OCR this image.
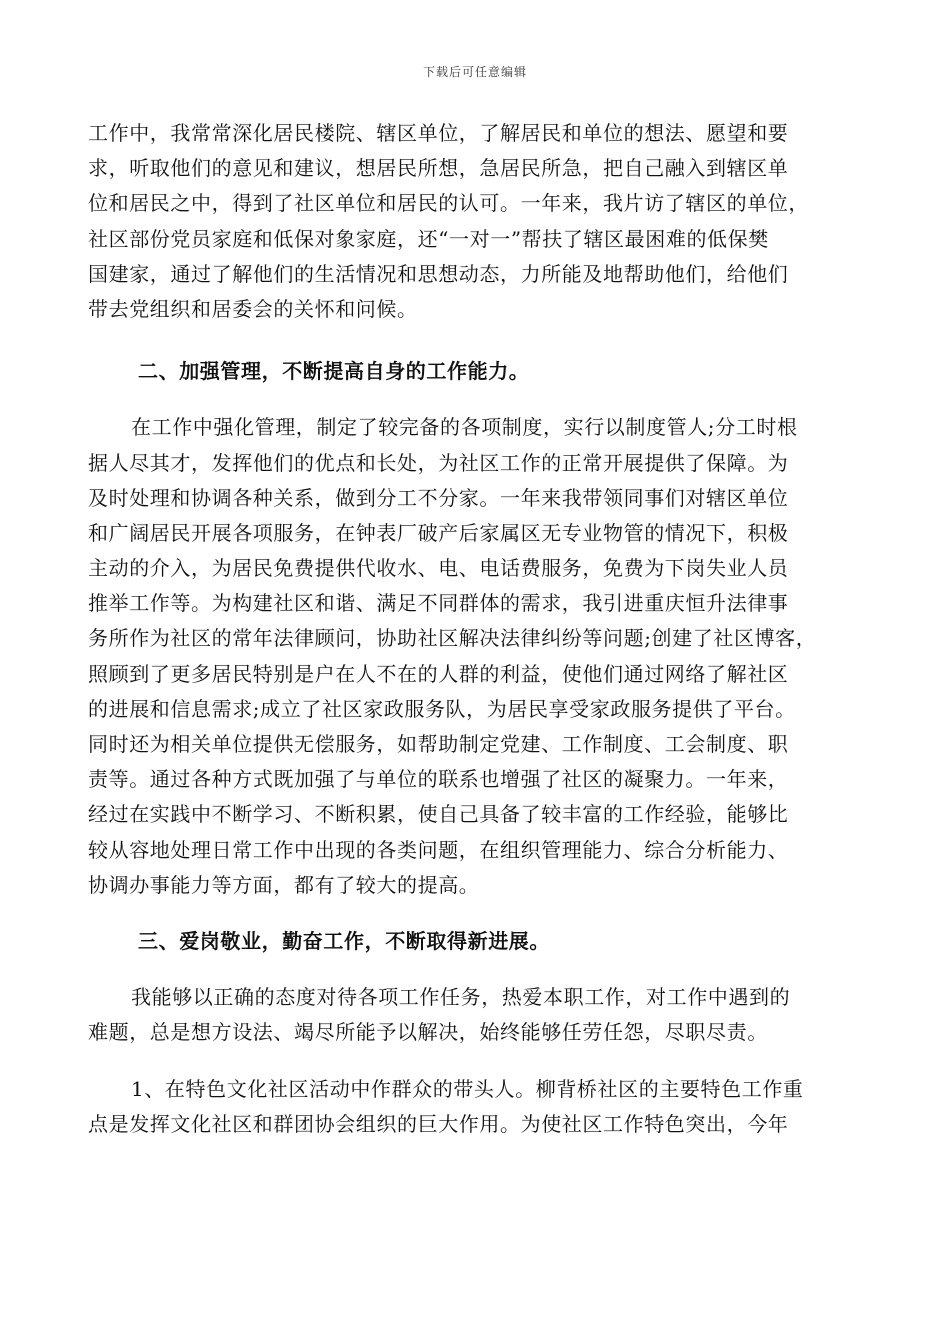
下载后可任意编辑
工作中，我常常深化居民楼院、辖区单位，了解居民和单位的想法、愿望和要
求，听取他们的意见和建议，想居民所想，急居民所急，把自己融入到辖区单
位和居民之中，得到了社区单位和居民的认可。一年来，我片访了辖区的单位，
社区部份党员家庭和低保对象家庭，还“一对一”帮扶了辖区最困难的低保樊
国建家，通过了解他们的生活情况和思想动态，力所能及地帮助他们，给他们
带去党组织和居委会的关怀和问候。
二、加强管理，不断提高自身的工作能力。
在工作中强化管理，制定了较完备的各项制度，实行以制度管人;分工时根
据人尽其才，发挥他们的优点和长处，为社区工作的正常开展提供了保障。为
及时处理和协调各种关系，做到分工不分家。一年来我带领同事们对辖区单位
和广阔居民开展各项服务，在钟表厂破产后家属区无专业物管的情况下，积极
主动的介入，为居民免费提供代收水、电、电话费服务，免费为下岗失业人员
推举工作等。为构建社区和谐、满足不同群体的需求，我引进重庆恒升法律事
务所作为社区的常年法律顾问，协助社区解决法律纠纷等问题;创建了社区博客，
照顾到了更多居民特别是户在人不在的人群的利益，使他们通过网络了解社区
的进展和信息需求;成立了社区家政服务队，为居民享受家政服务提供了平台。
同时还为相关单位提供无偿服务，如帮助制定党建、工作制度、工会制度、职
责等。通过各种方式既加强了与单位的联系也增强了社区的凝聚力。一年来，
经过在实践中不断学习、不断积累，使自己具备了较丰富的工作经验，能够比
较从容地处理日常工作中出现的各类问题，在组织管理能力、综合分析能力、
协调办事能力等方面，都有了较大的提高。
三、爱岗敬业，勤奋工作，不断取得新进展。
我能够以正确的态度对待各项工作任务，热爱本职工作，对工作中遇到的
难题，总是想方设法、竭尽所能予以解决，始终能够任劳任怨，尽职尽责。
1、在特色文化社区活动中作群众的带头人。柳背桥社区的主要特色工作重
点是发挥文化社区和群团协会组织的巨大作用。为使社区工作特色突出，今年
